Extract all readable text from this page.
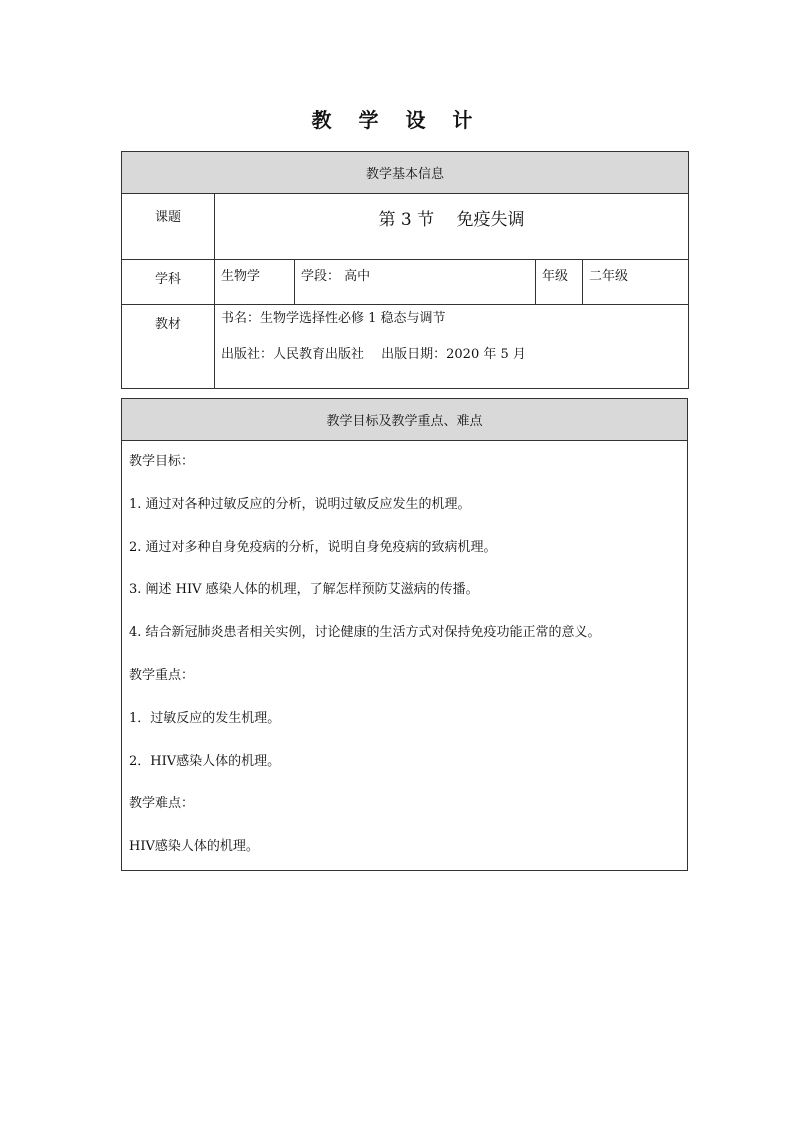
教 学 设 计
教学基本信息				
课题	第 3 节　 免疫失调			
学科	生物学	学段： 高中	年级	二年级
教材	书名：生物学选择性必修 1 稳态与调节
出版社：人民教育出版社　 出版日期：2020 年 5 月			
教学目标及教学重点、难点

教学目标：
1. 通过对各种过敏反应的分析，说明过敏反应发生的机理。
2. 通过对多种自身免疫病的分析，说明自身免疫病的致病机理。
3. 阐述 HIV 感染人体的机理，了解怎样预防艾滋病的传播。
4. 结合新冠肺炎患者相关实例，讨论健康的生活方式对保持免疫功能正常的意义。
教学重点：
1．过敏反应的发生机理。
2．HIV感染人体的机理。
教学难点：
HIV感染人体的机理。
